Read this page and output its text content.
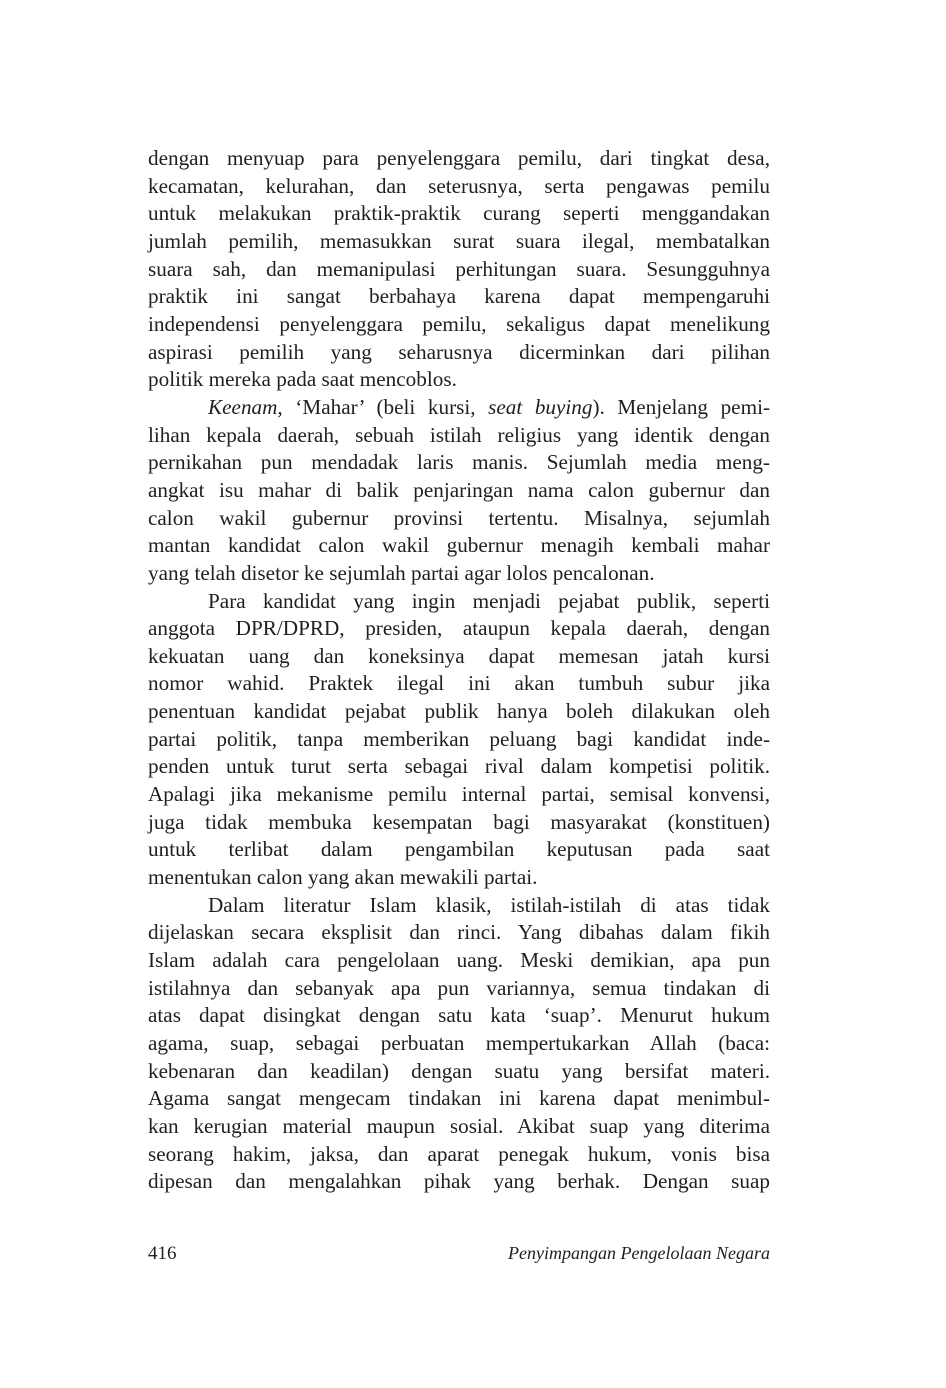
dengan menyuap para penyelenggara pemilu, dari tingkat desa, kecamatan, kelurahan, dan seterusnya, serta pengawas pemilu untuk melakukan praktik-praktik curang seperti menggandakan jumlah pemilih, memasukkan surat suara ilegal, membatalkan suara sah, dan memanipulasi perhitungan suara. Sesungguhnya praktik ini sangat berbahaya karena dapat mempengaruhi independensi penyelenggara pemilu, sekaligus dapat menelikung aspirasi pemilih yang seharusnya dicerminkan dari pilihan politik mereka pada saat mencoblos.

Keenam, ‘Mahar’ (beli kursi, seat buying). Menjelang pemi- lihan kepala daerah, sebuah istilah religius yang identik dengan pernikahan pun mendadak laris manis. Sejumlah media meng- angkat isu mahar di balik penjaringan nama calon gubernur dan calon wakil gubernur provinsi tertentu. Misalnya, sejumlah mantan kandidat calon wakil gubernur menagih kembali mahar yang telah disetor ke sejumlah partai agar lolos pencalonan.

Para kandidat yang ingin menjadi pejabat publik, seperti anggota DPR/DPRD, presiden, ataupun kepala daerah, dengan kekuatan uang dan koneksinya dapat memesan jatah kursi nomor wahid. Praktek ilegal ini akan tumbuh subur jika penentuan kandidat pejabat publik hanya boleh dilakukan oleh partai politik, tanpa memberikan peluang bagi kandidat inde- penden untuk turut serta sebagai rival dalam kompetisi politik. Apalagi jika mekanisme pemilu internal partai, semisal konvensi, juga tidak membuka kesempatan bagi masyarakat (konstituen) untuk terlibat dalam pengambilan keputusan pada saat menentukan calon yang akan mewakili partai.

Dalam literatur Islam klasik, istilah-istilah di atas tidak dijelaskan secara eksplisit dan rinci. Yang dibahas dalam fikih Islam adalah cara pengelolaan uang. Meski demikian, apa pun istilahnya dan sebanyak apa pun variannya, semua tindakan di atas dapat disingkat dengan satu kata ‘suap’. Menurut hukum agama, suap, sebagai perbuatan mempertukarkan Allah (baca: kebenaran dan keadilan) dengan suatu yang bersifat materi. Agama sangat mengecam tindakan ini karena dapat menimbul- kan kerugian material maupun sosial. Akibat suap yang diterima seorang hakim, jaksa, dan aparat penegak hukum, vonis bisa dipesan dan mengalahkan pihak yang berhak. Dengan suap

416	Penyimpangan Pengelolaan Negara
